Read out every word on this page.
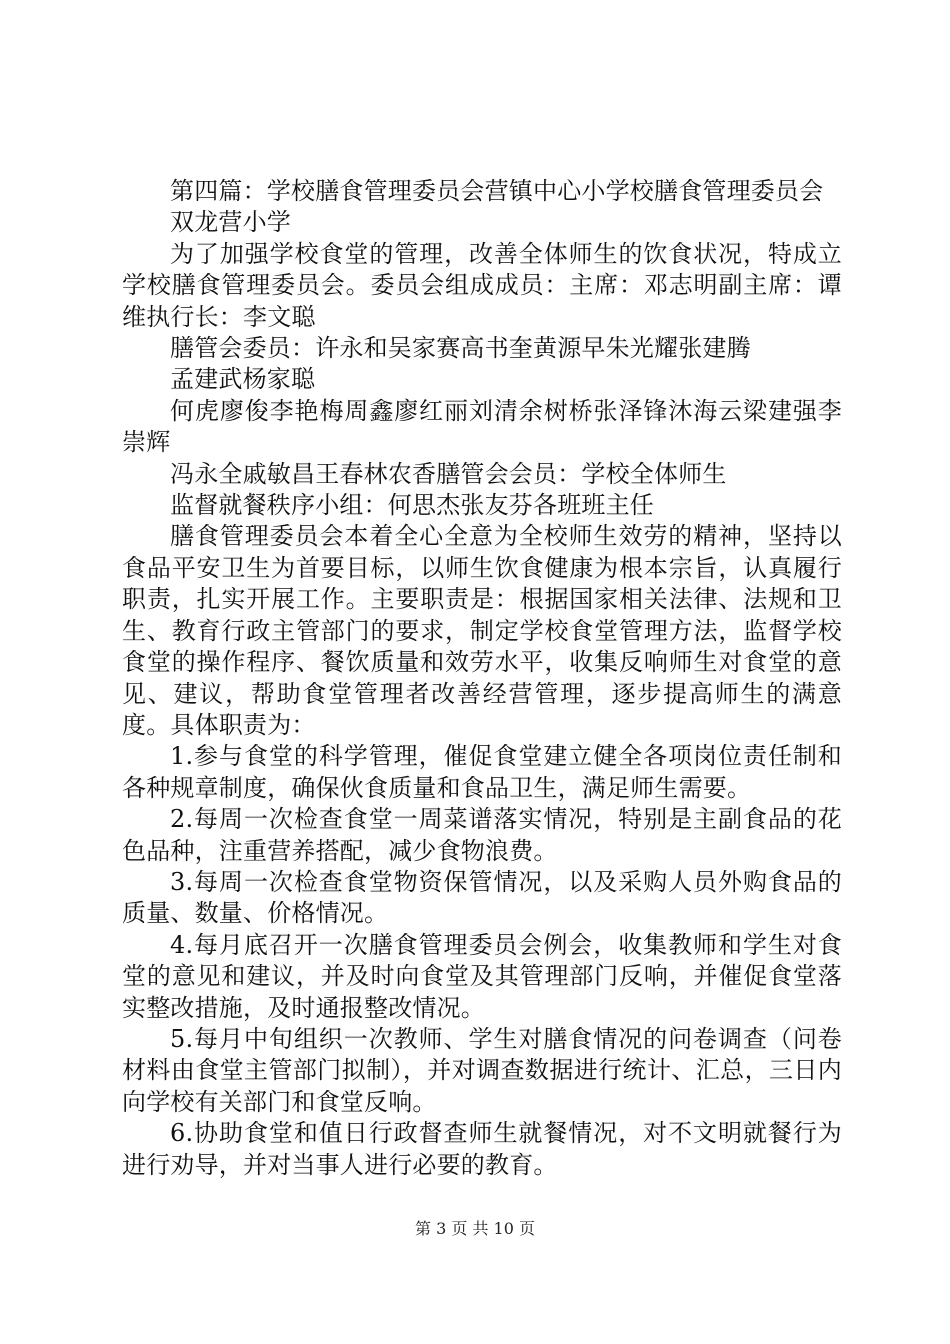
第四篇：学校膳食管理委员会营镇中心小学校膳食管理委员会

双龙营小学

为了加强学校食堂的管理，改善全体师生的饮食状况，特成立学校膳食管理委员会。委员会组成成员：主席：邓志明副主席：谭维执行长：李文聪

膳管会委员：许永和吴家赛高书奎黄源早朱光耀张建腾

孟建武杨家聪

何虎廖俊李艳梅周鑫廖红丽刘清余树桥张泽锋沐海云梁建强李崇辉

冯永全戚敏昌王春林农香膳管会会员：学校全体师生

监督就餐秩序小组：何思杰张友芬各班班主任

膳食管理委员会本着全心全意为全校师生效劳的精神，坚持以食品平安卫生为首要目标，以师生饮食健康为根本宗旨，认真履行职责，扎实开展工作。主要职责是：根据国家相关法律、法规和卫生、教育行政主管部门的要求，制定学校食堂管理方法，监督学校食堂的操作程序、餐饮质量和效劳水平，收集反响师生对食堂的意见、建议，帮助食堂管理者改善经营管理，逐步提高师生的满意度。具体职责为：

1.参与食堂的科学管理，催促食堂建立健全各项岗位责任制和各种规章制度，确保伙食质量和食品卫生，满足师生需要。

2.每周一次检查食堂一周菜谱落实情况，特别是主副食品的花色品种，注重营养搭配，减少食物浪费。

3.每周一次检查食堂物资保管情况，以及采购人员外购食品的质量、数量、价格情况。

4.每月底召开一次膳食管理委员会例会，收集教师和学生对食堂的意见和建议，并及时向食堂及其管理部门反响，并催促食堂落实整改措施，及时通报整改情况。

5.每月中旬组织一次教师、学生对膳食情况的问卷调查（问卷材料由食堂主管部门拟制），并对调查数据进行统计、汇总，三日内向学校有关部门和食堂反响。

6.协助食堂和值日行政督查师生就餐情况，对不文明就餐行为进行劝导，并对当事人进行必要的教育。

第 3 页 共 10 页
